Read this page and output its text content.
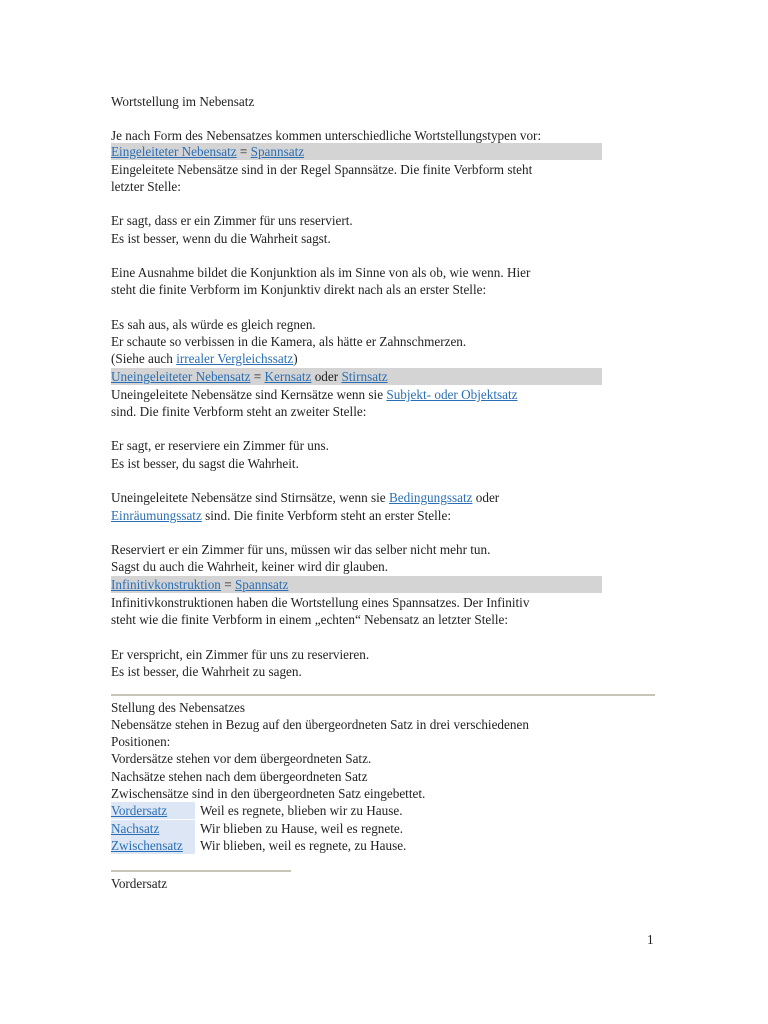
Wortstellung im Nebensatz
Je nach Form des Nebensatzes kommen unterschiedliche Wortstellungstypen vor:
Eingeleiteter Nebensatz = Spannsatz
Eingeleitete Nebensätze sind in der Regel Spannsätze. Die finite Verbform steht
letzter Stelle:
Er sagt, dass er ein Zimmer für uns reserviert.
Es ist besser, wenn du die Wahrheit sagst.
Eine Ausnahme bildet die Konjunktion als im Sinne von als ob, wie wenn. Hier
steht die finite Verbform im Konjunktiv direkt nach als an erster Stelle:
Es sah aus, als würde es gleich regnen.
Er schaute so verbissen in die Kamera, als hätte er Zahnschmerzen.
(Siehe auch irrealer Vergleichssatz)
Uneingeleiteter Nebensatz = Kernsatz oder Stirnsatz
Uneingeleitete Nebensätze sind Kernsätze wenn sie Subjekt- oder Objektsatz
sind. Die finite Verbform steht an zweiter Stelle:
Er sagt, er reserviere ein Zimmer für uns.
Es ist besser, du sagst die Wahrheit.
Uneingeleitete Nebensätze sind Stirnsätze, wenn sie Bedingungssatz oder
Einräumungssatz sind. Die finite Verbform steht an erster Stelle:
Reserviert er ein Zimmer für uns, müssen wir das selber nicht mehr tun.
Sagst du auch die Wahrheit, keiner wird dir glauben.
Infinitivkonstruktion = Spannsatz
Infinitivkonstruktionen haben die Wortstellung eines Spannsatzes. Der Infinitiv
steht wie die finite Verbform in einem „echten“ Nebensatz an letzter Stelle:
Er verspricht, ein Zimmer für uns zu reservieren.
Es ist besser, die Wahrheit zu sagen.
Stellung des Nebensatzes
Nebensätze stehen in Bezug auf den übergeordneten Satz in drei verschiedenen
Positionen:
Vordersätze stehen vor dem übergeordneten Satz.
Nachsätze stehen nach dem übergeordneten Satz
Zwischensätze sind in den übergeordneten Satz eingebettet.
Vordersatz	Weil es regnete, blieben wir zu Hause.
Nachsatz	Wir blieben zu Hause, weil es regnete.
Zwischensatz	Wir blieben, weil es regnete, zu Hause.
Vordersatz
1
